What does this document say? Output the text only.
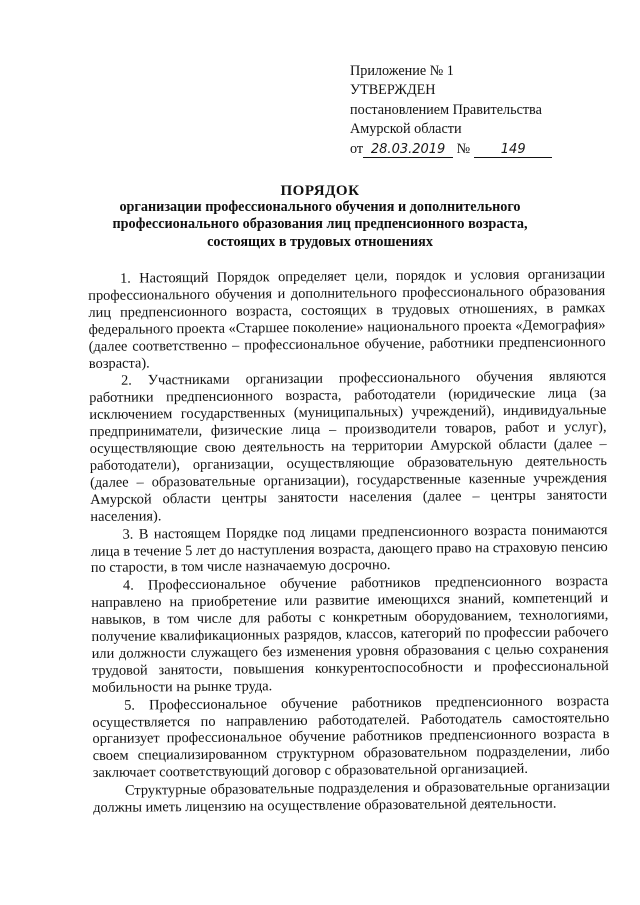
Приложение № 1
УТВЕРЖДЕН
постановлением Правительства
Амурской области
от 28.03.2019 № 149
ПОРЯДОК
организации профессионального обучения и дополнительного профессионального образования лиц предпенсионного возраста, состоящих в трудовых отношениях

1. Настоящий Порядок определяет цели, порядок и условия организации профессионального обучения и дополнительного профессионального образования лиц предпенсионного возраста, состоящих в трудовых отношениях, в рамках федерального проекта «Старшее поколение» национального проекта «Демография» (далее соответственно – профессиональное обучение, работники предпенсионного возраста).

2. Участниками организации профессионального обучения являются работники предпенсионного возраста, работодатели (юридические лица (за исключением государственных (муниципальных) учреждений), индивидуальные предприниматели, физические лица – производители товаров, работ и услуг), осуществляющие свою деятельность на территории Амурской области (далее – работодатели), организации, осуществляющие образовательную деятельность (далее – образовательные организации), государственные казенные учреждения Амурской области центры занятости населения (далее – центры занятости населения).

3. В настоящем Порядке под лицами предпенсионного возраста понимаются лица в течение 5 лет до наступления возраста, дающего право на страховую пенсию по старости, в том числе назначаемую досрочно.

4. Профессиональное обучение работников предпенсионного возраста направлено на приобретение или развитие имеющихся знаний, компетенций и навыков, в том числе для работы с конкретным оборудованием, технологиями, получение квалификационных разрядов, классов, категорий по профессии рабочего или должности служащего без изменения уровня образования с целью сохранения трудовой занятости, повышения конкурентоспособности и профессиональной мобильности на рынке труда.

5. Профессиональное обучение работников предпенсионного возраста осуществляется по направлению работодателей. Работодатель самостоятельно организует профессиональное обучение работников предпенсионного возраста в своем специализированном структурном образовательном подразделении, либо заключает соответствующий договор с образовательной организацией.

Структурные образовательные подразделения и образовательные организации должны иметь лицензию на осуществление образовательной деятельности.
